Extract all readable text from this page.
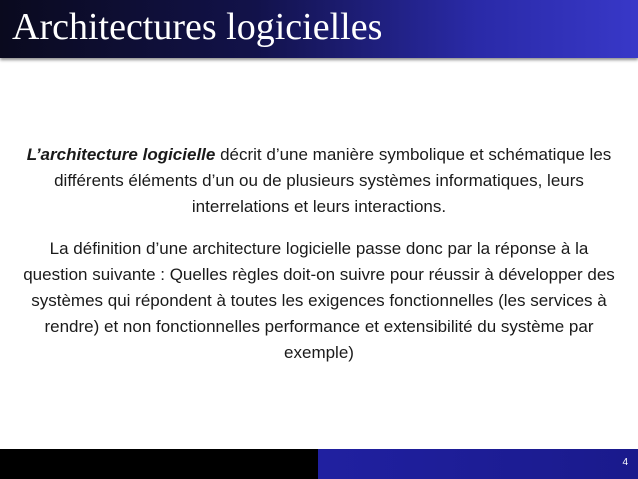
Architectures logicielles

L’architecture logicielle décrit d’une manière symbolique et schématique les différents éléments d’un ou de plusieurs systèmes informatiques, leurs interrelations et leurs interactions.

La définition d’une architecture logicielle passe donc par la réponse à la question suivante : Quelles règles doit-on suivre pour réussir à développer des systèmes qui répondent à toutes les exigences fonctionnelles (les services à rendre) et non fonctionnelles performance et extensibilité du système par exemple)

4
